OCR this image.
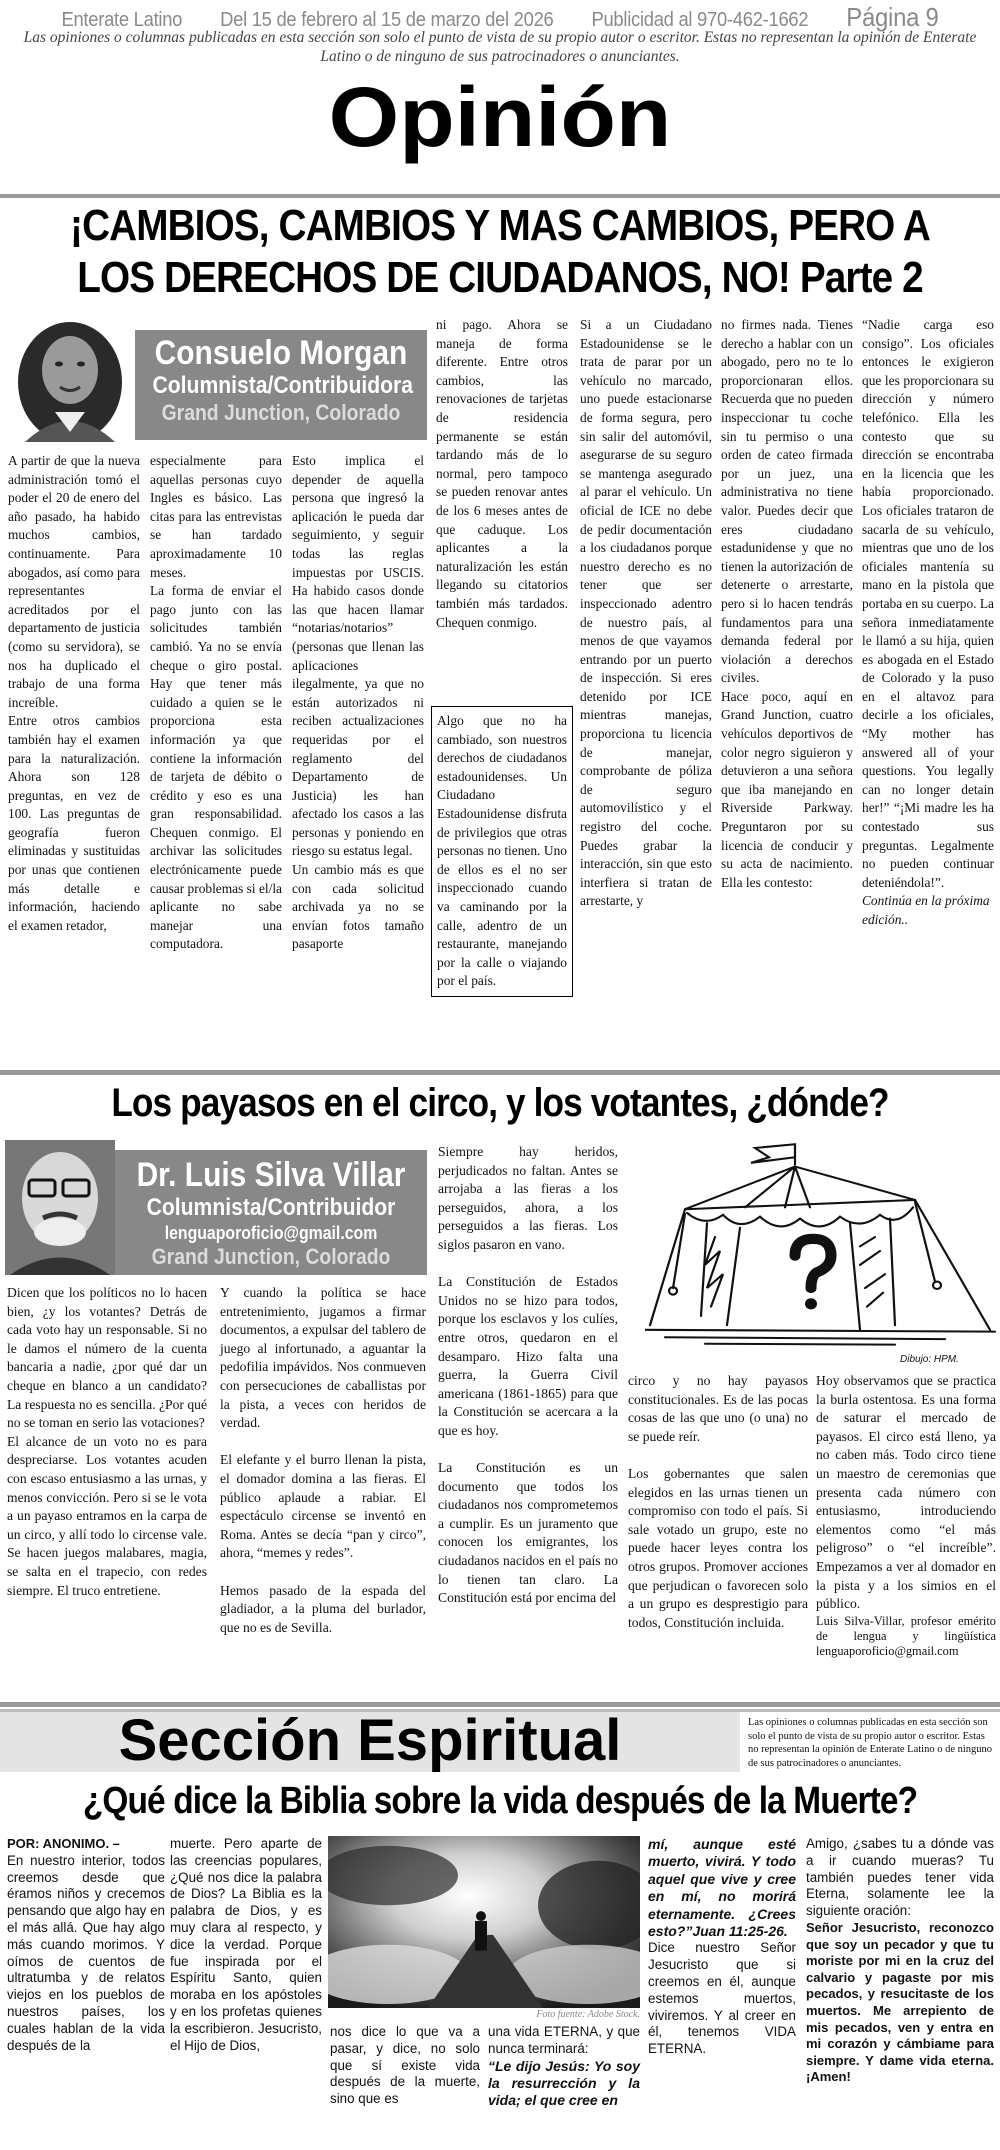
Enterate Latino Del 15 de febrero al 15 de marzo del 2026 Publicidad al 970-462-1662 Página 9
Las opiniones o columnas publicadas en esta sección son solo el punto de vista de su propio autor o escritor. Estas no representan la opinión de Enterate Latino o de ninguno de sus patrocinadores o anunciantes.
Opinión
¡CAMBIOS, CAMBIOS Y MAS CAMBIOS, PERO A
LOS DERECHOS DE CIUDADANOS, NO! Parte 2
Consuelo Morgan
Columnista/Contribuidora
Grand Junction, Colorado

A partir de que la nueva administración tomó el poder el 20 de enero del año pasado, ha habido muchos cambios, continuamente. Para abogados, así como para representantes acreditados por el departamento de justicia (como su servidora), se nos ha duplicado el trabajo de una forma increíble.

Entre otros cambios también hay el examen para la naturalización. Ahora son 128 preguntas, en vez de 100. Las preguntas de geografía fueron eliminadas y sustituidas por unas que contienen más detalle e información, haciendo el examen retador,

especialmente para aquellas personas cuyo Ingles es básico. Las citas para las entrevistas se han tardado aproximadamente 10 meses.

La forma de enviar el pago junto con las solicitudes también cambió. Ya no se envía cheque o giro postal. Hay que tener más cuidado a quien se le proporciona esta información ya que contiene la información de tarjeta de débito o crédito y eso es una gran responsabilidad. Chequen conmigo. El archivar las solicitudes electrónicamente puede causar problemas si el/la aplicante no sabe manejar una computadora.

Esto implica el depender de aquella persona que ingresó la aplicación le pueda dar seguimiento, y seguir todas las reglas impuestas por USCIS. Ha habido casos donde las que hacen llamar “notarias/notarios” (personas que llenan las aplicaciones ilegalmente, ya que no están autorizados ni reciben actualizaciones requeridas por el reglamento del Departamento de Justicia) les han afectado los casos a las personas y poniendo en riesgo su estatus legal.

Un cambio más es que con cada solicitud archivada ya no se envían fotos tamaño pasaporte

ni pago. Ahora se maneja de forma diferente. Entre otros cambios, las renovaciones de tarjetas de residencia permanente se están tardando más de lo normal, pero tampoco se pueden renovar antes de los 6 meses antes de que caduque. Los aplicantes a la naturalización les están llegando su citatorios también más tardados. Chequen conmigo.

Algo que no ha cambiado, son nuestros derechos de ciudadanos estadounidenses. Un Ciudadano Estadounidense disfruta de privilegios que otras personas no tienen. Uno de ellos es el no ser inspeccionado cuando va caminando por la calle, adentro de un restaurante, manejando por la calle o viajando por el país.

Si a un Ciudadano Estadounidense se le trata de parar por un vehículo no marcado, uno puede estacionarse de forma segura, pero sin salir del automóvil, asegurarse de su seguro se mantenga asegurado al parar el vehículo. Un oficial de ICE no debe de pedir documentación a los ciudadanos porque nuestro derecho es no tener que ser inspeccionado adentro de nuestro país, al menos de que vayamos entrando por un puerto de inspección. Si eres detenido por ICE mientras manejas, proporciona tu licencia de manejar, comprobante de póliza de seguro automovilístico y el registro del coche. Puedes grabar la interacción, sin que esto interfiera si tratan de arrestarte, y

no firmes nada. Tienes derecho a hablar con un abogado, pero no te lo proporcionaran ellos. Recuerda que no pueden inspeccionar tu coche sin tu permiso o una orden de cateo firmada por un juez, una administrativa no tiene valor. Puedes decir que eres ciudadano estadunidense y que no tienen la autorización de detenerte o arrestarte, pero si lo hacen tendrás fundamentos para una demanda federal por violación a derechos civiles.

Hace poco, aquí en Grand Junction, cuatro vehículos deportivos de color negro siguieron y detuvieron a una señora que iba manejando en Riverside Parkway. Preguntaron por su licencia de conducir y su acta de nacimiento. Ella les contesto:

“Nadie carga eso consigo”. Los oficiales entonces le exigieron que les proporcionara su dirección y número telefónico. Ella les contesto que su dirección se encontraba en la licencia que les había proporcionado. Los oficiales trataron de sacarla de su vehículo, mientras que uno de los oficiales mantenía su mano en la pistola que portaba en su cuerpo. La señora inmediatamente le llamó a su hija, quien es abogada en el Estado de Colorado y la puso en el altavoz para decirle a los oficiales, “My mother has answered all of your questions. You legally can no longer detain her!” “¡Mi madre les ha contestado sus preguntas. Legalmente no pueden continuar deteniéndola!”.

Continúa en la próxima edición..

Los payasos en el circo, y los votantes, ¿dónde?
Dr. Luis Silva Villar
Columnista/Contribuidor
lenguaporoficio@gmail.com
Grand Junction, Colorado

Dicen que los políticos no lo hacen bien, ¿y los votantes? Detrás de cada voto hay un responsable. Si no le damos el número de la cuenta bancaria a nadie, ¿por qué dar un cheque en blanco a un candidato? La respuesta no es sencilla. ¿Por qué no se toman en serio las votaciones?

El alcance de un voto no es para despreciarse. Los votantes acuden con escaso entusiasmo a las urnas, y menos convicción. Pero si se le vota a un payaso entramos en la carpa de un circo, y allí todo lo circense vale. Se hacen juegos malabares, magia, se salta en el trapecio, con redes siempre. El truco entretiene.

Y cuando la política se hace entretenimiento, jugamos a firmar documentos, a expulsar del tablero de juego al infortunado, a aguantar la pedofilia impávidos. Nos conmueven con persecuciones de caballistas por la pista, a veces con heridos de verdad.

El elefante y el burro llenan la pista, el domador domina a las fieras. El público aplaude a rabiar. El espectáculo circense se inventó en Roma. Antes se decía “pan y circo”, ahora, “memes y redes”.

Hemos pasado de la espada del gladiador, a la pluma del burlador, que no es de Sevilla.

Siempre hay heridos, perjudicados no faltan. Antes se arrojaba a las fieras a los perseguidos, ahora, a los perseguidos a las fieras. Los siglos pasaron en vano.

La Constitución de Estados Unidos no se hizo para todos, porque los esclavos y los culíes, entre otros, quedaron en el desamparo. Hizo falta una guerra, la Guerra Civil americana (1861-1865) para que la Constitución se acercara a la que es hoy.

La Constitución es un documento que todos los ciudadanos nos comprometemos a cumplir. Es un juramento que conocen los emigrantes, los ciudadanos nacidos en el país no lo tienen tan claro. La Constitución está por encima del

Dibujo: HPM.

circo y no hay payasos constitucionales. Es de las pocas cosas de las que uno (o una) no se puede reír.

Los gobernantes que salen elegidos en las urnas tienen un compromiso con todo el país. Si sale votado un grupo, este no puede hacer leyes contra los otros grupos. Promover acciones que perjudican o favorecen solo a un grupo es desprestigio para todos, Constitución incluida.

Hoy observamos que se practica la burla ostentosa. Es una forma de saturar el mercado de payasos. El circo está lleno, ya no caben más. Todo circo tiene un maestro de ceremonias que presenta cada número con entusiasmo, introduciendo elementos como “el más peligroso” o “el increíble”. Empezamos a ver al domador en la pista y a los simios en el público.

Luis Silva-Villar, profesor emérito de lengua y lingüística lenguaporoficio@gmail.com

Sección Espiritual	Las opiniones o columnas publicadas en esta sección son solo el punto de vista de su propio autor o escritor. Estas no representan la opinión de Enterate Latino o de ninguno de sus patrocinadores o anunciantes.
¿Qué dice la Biblia sobre la vida después de la Muerte?

POR: ANONIMO. –

En nuestro interior, todos creemos desde que éramos niños y crecemos pensando que algo hay en el más allá. Que hay algo más cuando morimos. Y oímos de cuentos de ultratumba y de relatos viejos en los pueblos de nuestros países, los cuales hablan de la vida después de la

muerte. Pero aparte de las creencias populares, ¿Qué nos dice la palabra de Dios? La Biblia es la palabra de Dios, y es muy clara al respecto, y dice la verdad. Porque fue inspirada por el Espíritu Santo, quien moraba en los apóstoles y en los profetas quienes la escribieron. Jesucristo, el Hijo de Dios,

Foto fuente: Adobe Stock.

nos dice lo que va a pasar, y dice, no solo que sí existe vida después de la muerte, sino que es

una vida ETERNA, y que nunca terminará:

“Le dijo Jesús: Yo soy la resurrección y la vida; el que cree en

mí, aunque esté muerto, vivirá. Y todo aquel que vive y cree en mí, no morirá eternamente. ¿Crees esto?”Juan 11:25-26.

Dice nuestro Señor Jesucristo que si creemos en él, aunque estemos muertos, viviremos. Y al creer en él, tenemos VIDA ETERNA.

Amigo, ¿sabes tu a dónde vas a ir cuando mueras? Tu también puedes tener vida Eterna, solamente lee la siguiente oración:

Señor Jesucristo, reconozco que soy un pecador y que tu moriste por mi en la cruz del calvario y pagaste por mis pecados, y resucitaste de los muertos. Me arrepiento de mis pecados, ven y entra en mi corazón y cámbiame para siempre. Y dame vida eterna. ¡Amen!
